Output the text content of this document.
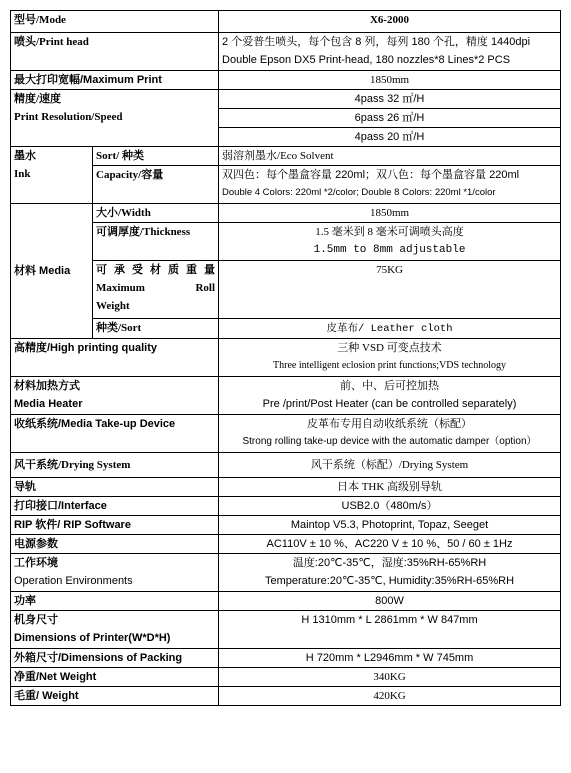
型号/Mode		X6-2000
喷头/Print head		2 个爱普生喷头，每个包含 8 列，每列 180 个孔，精度 1440dpi
Double Epson DX5 Print-head, 180 nozzles*8 Lines*2 PCS

最大打印宽幅/Maximum Print		1850mm

精度/速度
Print Resolution/Speed		4pass 32 ㎡/H
		6pass 26 ㎡/H
		4pass 20 ㎡/H

墨水
Ink	Sort/ 种类	弱溶剂墨水/Eco Solvent
	Capacity/容量	双四色：每个墨盒容量 220ml；双八色：每个墨盒容量 220ml
Double 4 Colors: 220ml *2/color; Double 8 Colors: 220ml *1/color

材料 Media	大小/Width	1850mm
	可调厚度/Thickness	1.5 毫米到 8 毫米可调喷头高度
1.5mm to 8mm adjustable

	可承受材质重量
Maximum Roll
Weight	75KG
	种类/Sort	皮革布/ Leather cloth
高精度/High printing quality		三种 VSD 可变点技术
Three intelligent eclosion print functions;VDS technology

材料加热方式
Media Heater		前、中、后可控加热
Pre /print/Post Heater (can be controlled separately)

收纸系统/Media Take-up Device		皮革布专用自动收纸系统（标配）
Strong rolling take-up device with the automatic damper（option）

风干系统/Drying System		风干系统（标配）/Drying System
导轨		日本 THK 高级别导轨
打印接口/Interface		USB2.0（480m/s）
RIP 软件/ RIP Software		Maintop V5.3, Photoprint, Topaz, Seeget
电源参数		AC110V ± 10 %、AC220 V ± 10 %、50 / 60 ± 1Hz

工作环境
Operation Environments		温度:20℃-35℃，湿度:35%RH-65%RH
Temperature:20℃-35℃, Humidity:35%RH-65%RH

功率		800W

机身尺寸
Dimensions of Printer(W*D*H)		H 1310mm * L 2861mm * W 847mm
外箱尺寸/Dimensions of Packing		H 720mm * L2946mm * W 745mm
净重/Net Weight		340KG
毛重/ Weight		420KG
